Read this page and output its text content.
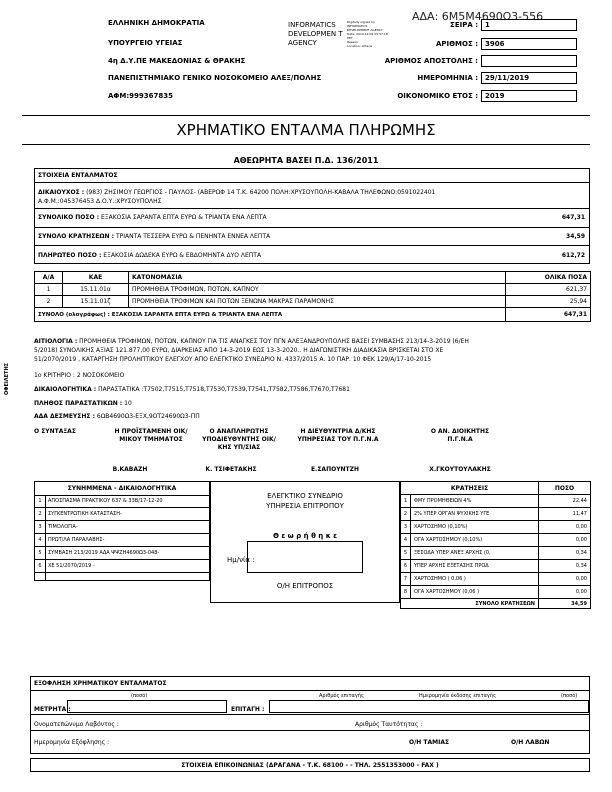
ΑΔΑ: 6Μ5Μ4690Ω3-556
ΕΛΛΗΝΙΚΗ ΔΗΜΟΚΡΑΤΙΑ
ΥΠΟΥΡΓΕΙΟ ΥΓΕΙΑΣ
4η Δ.Υ.ΠΕ ΜΑΚΕΔΟΝΙΑΣ & ΘΡΑΚΗΣ
ΠΑΝΕΠΙΣΤΗΜΙΑΚΟ ΓΕΝΙΚΟ ΝΟΣΟΚΟΜΕΙΟ ΑΛΕΞ/ΠΟΛΗΣ
ΑΦΜ:999367835
INFORMATICS DEVELOPMEN T AGENCY
Digitally signed by
INFORMATICS
DEVELOPMENT AGENCY
Date: 2019.12.09 09:57:18
EET
Reason:
Location: Athens
ΣΕΙΡΑ :	1
ΑΡΙΘΜΟΣ :	3906
ΑΡΙΘΜΟΣ ΑΠΟΣΤΟΛΗΣ :
ΗΜΕΡΟΜΗΝΙΑ :	29/11/2019
ΟΙΚΟΝΟΜΙΚΟ ΕΤΟΣ :	2019
ΧΡΗΜΑΤΙΚΟ ΕΝΤΑΛΜΑ ΠΛΗΡΩΜΗΣ
ΑΘΕΩΡΗΤΑ ΒΑΣΕΙ Π.Δ. 136/2011
ΣΤΟΙΧΕΙΑ ΕΝΤΑΛΜΑΤΟΣ
ΔΙΚΑΙΟΥΧΟΣ : (983) ΖΗΣΙΜΟΥ ΓΕΩΡΓΙΟΣ - ΠΑΥΛΟΣ- (ΑΒΕΡΩΦ 14 Τ.Κ. 64200 ΠΟΛΗ:ΧΡΥΣΟΥΠΟΛΗ-ΚΑΒΑΛΑ ΤΗΛΕΦΩΝΟ:0591022401
Α.Φ.Μ.:045376453 Δ.Ο.Υ.:ΧΡΥΣΟΥΠΟΛΗΣ
ΣΥΝΟΛΙΚΟ ΠΟΣΟ : ΕΞΑΚΟΣΙΑ ΣΑΡΑΝΤΑ ΕΠΤΑ ΕΥΡΩ & ΤΡΙΑΝΤΑ ΕΝΑ ΛΕΠΤΑ	647,31
ΣΥΝΟΛΟ ΚΡΑΤΗΣΕΩΝ : ΤΡΙΑΝΤΑ ΤΕΣΣΕΡΑ ΕΥΡΩ & ΠΕΝΗΝΤΑ ΕΝΝΕΑ ΛΕΠΤΑ	34,59
ΠΛΗΡΩΤΕΟ ΠΟΣΟ : ΕΞΑΚΟΣΙΑ ΔΩΔΕΚΑ ΕΥΡΩ & ΕΒΔΟΜΗΝΤΑ ΔΥΟ ΛΕΠΤΑ	612,72
Α/Α	ΚΑΕ	ΚΑΤΟΝΟΜΑΣΙΑ	ΟΛΙΚΑ ΠΟΣΑ
1	15.11.01α	ΠΡΟΜΗΘΕΙΑ ΤΡΟΦΙΜΩΝ, ΠΟΤΩΝ, ΚΑΠΝΟΥ	621,37
2	15.11.01ζ	ΠΡΟΜΗΘΕΙΑ ΤΡΟΦΙΜΩΝ ΚΑΙ ΠΟΤΩΝ ΞΕΝΩΝΑ ΜΑΚΡΑΣ ΠΑΡΑΜΟΝΗΣ	25,94
ΣΥΝΟΛΟ (ολογράφως) : ΕΞΑΚΟΣΙΑ ΣΑΡΑΝΤΑ ΕΠΤΑ ΕΥΡΩ & ΤΡΙΑΝΤΑ ΕΝΑ ΛΕΠΤΑ			647,31
ΟΦΕΙΛΕΤΗΣ
ΑΙΤΙΟΛΟΓΙΑ : ΠΡΟΜΗΘΕΙΑ ΤΡΟΦΙΜΩΝ, ΠΟΤΩΝ, ΚΑΠΝΟΥ ΓΙΑ ΤΙΣ ΑΝΑΓΚΕΣ ΤΟΥ ΠΓΝ ΑΛΕΞΑΝΔΡΟΥΠΟΛΗΣ ΒΑΣΕΙ ΣΥΜΒΑΣΗΣ 213/14-3-2019 (6/ΕΗ
5/2018) ΣΥΝΟΛΙΚΗΣ ΑΞΙΑΣ 121.877,00 ΕΥΡΩ, ΔΙΑΡΚΕΙΑΣ ΑΠΟ 14-3-2019 ΕΩΣ 13-3-2020.. Η ΔΙΑΓΩΝΙΣΤΙΚΗ ΔΙΑΔΙΚΑΣΙΑ ΒΡΙΣΚΕΤΑΙ ΣΤΟ ΧΕ
51/2070/2019 , ΚΑΤΑΡΓΗΣΗ ΠΡΟΛΗΠΤΙΚΟΥ ΕΛΕΓΧΟΥ ΑΠΟ ΕΛΕΓΚΤΙΚΟ ΣΥΝΕΔΡΙΟ Ν. 4337/2015 Α. 10 ΠΑΡ. 10 ΦΕΚ 129/Α/17-10-2015
1ο ΚΡΙΤΗΡΙΟ : 2 ΝΟΣΟΚΟΜΕΙΟ
ΔΙΚΑΙΟΛΟΓΗΤΙΚΑ : ΠΑΡΑΣΤΑΤΙΚΑ :Τ7502,Τ7515,Τ7518,Τ7530,Τ7539,Τ7541,Τ7582,Τ7586,Τ7670,Τ7681
ΠΛΗΘΟΣ ΠΑΡΑΣΤΑΤΙΚΩΝ : 10
ΑΔΑ ΔΕΣΜΕΥΣΗΣ : 6ΩΒ4690Ω3-ΕΞΧ,9ΟΤ24690Ω3-ΠΠ
Ο ΣΥΝΤΑΞΑΣ	Η ΠΡΟΪΣΤΑΜΕΝΗ ΟΙΚ/ΜΙΚΟΥ ΤΜΗΜΑΤΟΣ
Ο ΑΝΑΠΛΗΡΩΤΗΣ ΥΠΟΔΙΕΥΘΥΝΤΗΣ ΟΙΚ/ΚΗΣ ΥΠ/ΣΙΑΣ
Η ΔΙΕΥΘΥΝΤΡΙΑ Δ/ΚΗΣ ΥΠΗΡΕΣΙΑΣ ΤΟΥ Π.Γ.Ν.Α
Ο ΑΝ. ΔΙΟΙΚΗΤΗΣ Π.Γ.Ν.Α
Β.ΚΑΒΑΖΗ	Κ. ΤΣΙΦΕΤΑΚΗΣ	Ε.ΣΑΠΟΥΝΤΖΗ	Χ.ΓΚΟΥΤΟΥΛΑΚΗΣ
ΣΥΝΗΜΜΕΝΑ - ΔΙΚΑΙΟΛΟΓΗΤΙΚΑ
1	ΑΠΟΣΠΑΣΜΑ ΠΡΑΚΤΙΚΟΥ 637 & 33Β/17-12-20
2	ΣΥΓΚΕΝΤΡΩΤΙΚΗ ΚΑΤΑΣΤΑΣΗ-
3	ΤΙΜΟΛΟΓΙΑ-
4	ΠΡΩΤ/ΛΑ ΠΑΡΑΛΑΒΗΣ-
5	ΣΥΜΒΑΣΗ 213/2019 ΑΔΑ ΨΨΖΗ4690Ω3-048-
6	ΧΕ 51/2070/2019 -
ΕΛΕΓΚΤΙΚΟ ΣΥΝΕΔΡΙΟ
ΥΠΗΡΕΣΙΑ ΕΠΙΤΡΟΠΟΥ
Θ ε ω ρ ή θ η κ ε
Ημ/νία :
Ο/Η ΕΠΙΤΡΟΠΟΣ
ΚΡΑΤΗΣΕΙΣ		ΠΟΣΟ
1	ΦΜΥ ΠΡΟΜΗΘΕΙΩΝ 4%	22,44
2	2% ΥΠΕΡ ΟΡΓΑΝ ΨΥΧΙΚΗΣ ΥΓΕ	11,47
3	ΧΑΡΤΟΣΗΜΟ (0,10%)	0,00
4	ΟΓΑ ΧΑΡΤΟΣΗΜΟΥ (0,10%)	0,00
5	ΞΕΣΟΔΑ ΥΠΕΡ ΑΝΕΞ ΑΡΧΗΣ (0,	0,34
6	ΥΠΕΡ ΑΡΧΗΣ ΕΞΕΤΑΣΗΣ ΠΡΟΔ	0,34
7	ΧΑΡΤΟΣΗΜΟ ( 0,06 )	0,00
8	ΟΓΑ ΧΑΡΤΟΣΗΜΟΥ (0,06 )	0,00
ΣΥΝΟΛΟ ΚΡΑΤΗΣΕΩΝ		34,59
ΕΞΟΦΛΗΣΗ ΧΡΗΜΑΤΙΚΟΥ ΕΝΤΑΛΜΑΤΟΣ
(ποσό)	Αριθμός επιταγής	Ημερομηνία έκδοσης επιταγής	(ποσό)
ΜΕΤΡΗΤΑ :	ΕΠΙΤΑΓΗ :
Ονοματεπώνυμο Λαβόντος :	Αριθμός Ταυτότητας :
Ημερομηνία Εξόφλησης :	Ο/Η ΤΑΜΙΑΣ	Ο/Η ΛΑΒΩΝ
ΣΤΟΙΧΕΙΑ ΕΠΙΚΟΙΝΩΝΙΑΣ (ΔΡΑΓΑΝΑ - Τ.Κ. 68100 - - ΤΗΛ. 2551353000 - FAX )
